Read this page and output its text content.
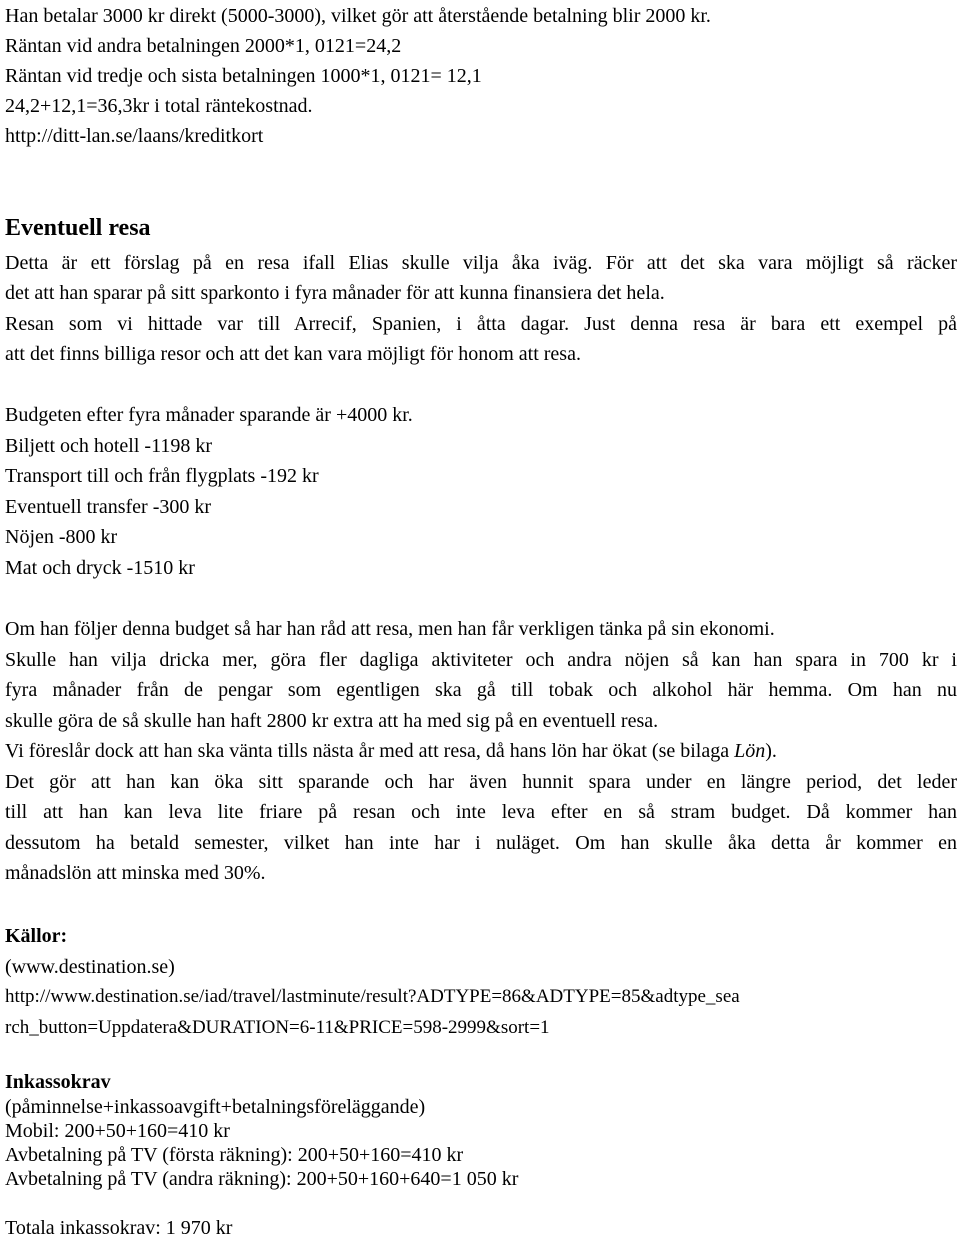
Han betalar 3000 kr direkt (5000-3000), vilket gör att återstående betalning blir 2000 kr.
Räntan vid andra betalningen 2000*1, 0121=24,2
Räntan vid tredje och sista betalningen 1000*1, 0121= 12,1
24,2+12,1=36,3kr i total räntekostnad.
http://ditt-lan.se/laans/kreditkort
Eventuell resa
Detta är ett förslag på en resa ifall Elias skulle vilja åka iväg. För att det ska vara möjligt så räcker
det att han sparar på sitt sparkonto i fyra månader för att kunna finansiera det hela.
Resan som vi hittade var till Arrecif, Spanien, i åtta dagar. Just denna resa är bara ett exempel på
att det finns billiga resor och att det kan vara möjligt för honom att resa.
Budgeten efter fyra månader sparande är +4000 kr.
Biljett och hotell -1198 kr
Transport till och från flygplats -192 kr
Eventuell transfer -300 kr
Nöjen -800 kr
Mat och dryck -1510 kr
Om han följer denna budget så har han råd att resa, men han får verkligen tänka på sin ekonomi.
Skulle han vilja dricka mer, göra fler dagliga aktiviteter och andra nöjen så kan han spara in 700 kr i
fyra månader från de pengar som egentligen ska gå till tobak och alkohol här hemma. Om han nu
skulle göra de så skulle han haft 2800 kr extra att ha med sig på en eventuell resa.
Vi föreslår dock att han ska vänta tills nästa år med att resa, då hans lön har ökat (se bilaga Lön).
Det gör att han kan öka sitt sparande och har även hunnit spara under en längre period, det leder
till att han kan leva lite friare på resan och inte leva efter en så stram budget. Då kommer han
dessutom ha betald semester, vilket han inte har i nuläget. Om han skulle åka detta år kommer en
månadslön att minska med 30%.
Källor:
(www.destination.se)
http://www.destination.se/iad/travel/lastminute/result?ADTYPE=86&ADTYPE=85&adtype_sea
rch_button=Uppdatera&DURATION=6-11&PRICE=598-2999&sort=1
Inkassokrav
(påminnelse+inkassoavgift+betalningsföreläggande)
Mobil: 200+50+160=410 kr
Avbetalning på TV (första räkning): 200+50+160=410 kr
Avbetalning på TV (andra räkning): 200+50+160+640=1 050 kr
Totala inkassokrav: 1 970 kr
